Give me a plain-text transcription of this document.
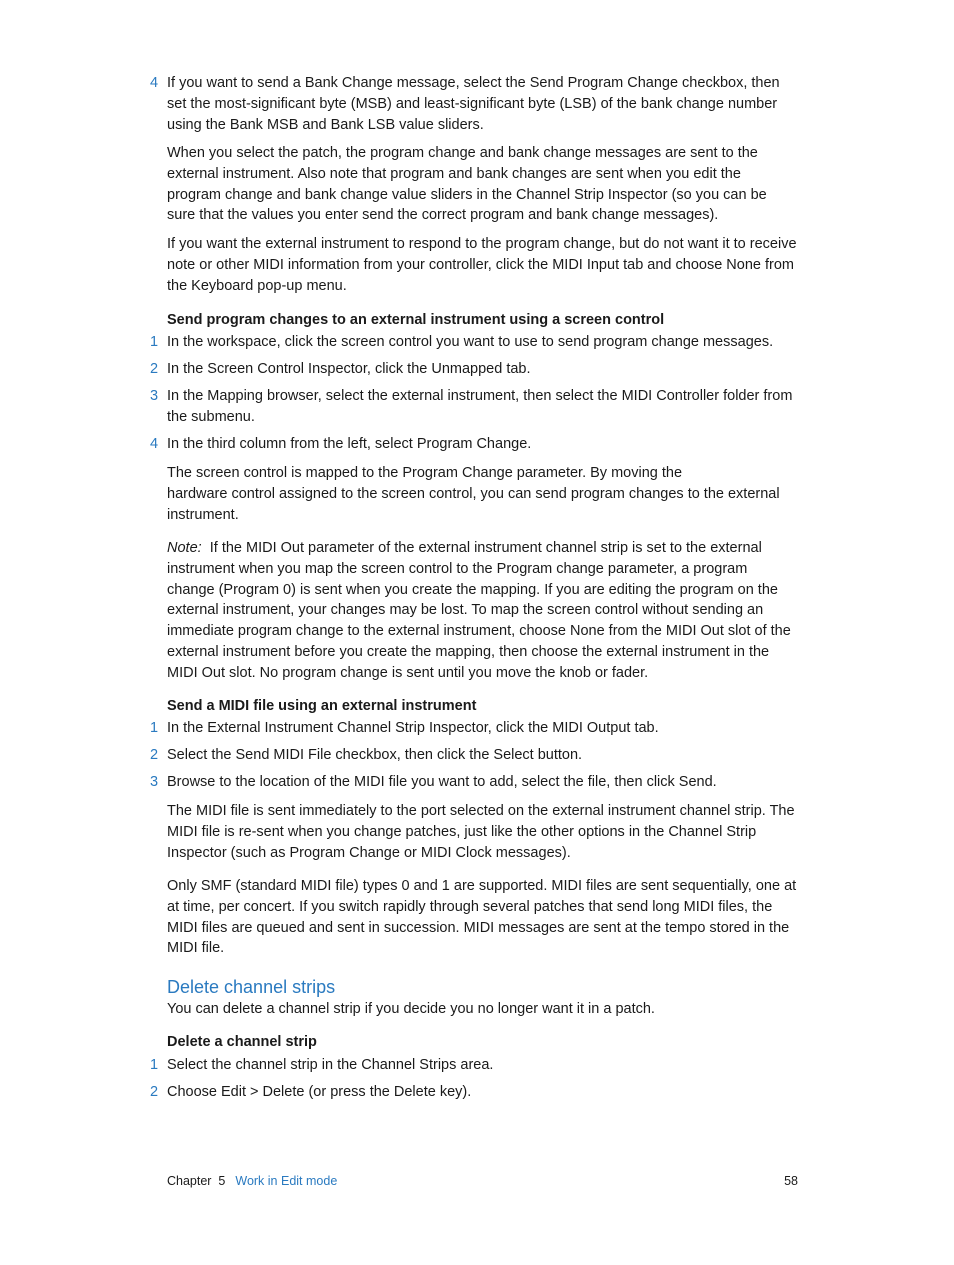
4 If you want to send a Bank Change message, select the Send Program Change checkbox, then set the most-significant byte (MSB) and least-significant byte (LSB) of the bank change number using the Bank MSB and Bank LSB value sliders.

When you select the patch, the program change and bank change messages are sent to the external instrument. Also note that program and bank changes are sent when you edit the program change and bank change value sliders in the Channel Strip Inspector (so you can be sure that the values you enter send the correct program and bank change messages).

If you want the external instrument to respond to the program change, but do not want it to receive note or other MIDI information from your controller, click the MIDI Input tab and choose None from the Keyboard pop-up menu.

Send program changes to an external instrument using a screen control

1 In the workspace, click the screen control you want to use to send program change messages.
2 In the Screen Control Inspector, click the Unmapped tab.
3 In the Mapping browser, select the external instrument, then select the MIDI Controller folder from the submenu.
4 In the third column from the left, select Program Change.
The screen control is mapped to the Program Change parameter. By moving the
hardware control assigned to the screen control, you can send program changes to the external instrument.

Note: If the MIDI Out parameter of the external instrument channel strip is set to the external instrument when you map the screen control to the Program change parameter, a program change (Program 0) is sent when you create the mapping. If you are editing the program on the external instrument, your changes may be lost. To map the screen control without sending an immediate program change to the external instrument, choose None from the MIDI Out slot of the external instrument before you create the mapping, then choose the external instrument in the MIDI Out slot. No program change is sent until you move the knob or fader.

Send a MIDI file using an external instrument

1 In the External Instrument Channel Strip Inspector, click the MIDI Output tab.
2 Select the Send MIDI File checkbox, then click the Select button.
3 Browse to the location of the MIDI file you want to add, select the file, then click Send.

The MIDI file is sent immediately to the port selected on the external instrument channel strip. The MIDI file is re-sent when you change patches, just like the other options in the Channel Strip Inspector (such as Program Change or MIDI Clock messages).

Only SMF (standard MIDI file) types 0 and 1 are supported. MIDI files are sent sequentially, one at at time, per concert. If you switch rapidly through several patches that send long MIDI files, the MIDI files are queued and sent in succession. MIDI messages are sent at the tempo stored in the MIDI file.

Delete channel strips

You can delete a channel strip if you decide you no longer want it in a patch.

Delete a channel strip

1 Select the channel strip in the Channel Strips area.
2 Choose Edit > Delete (or press the Delete key).
Chapter  5 Work in Edit mode	58
